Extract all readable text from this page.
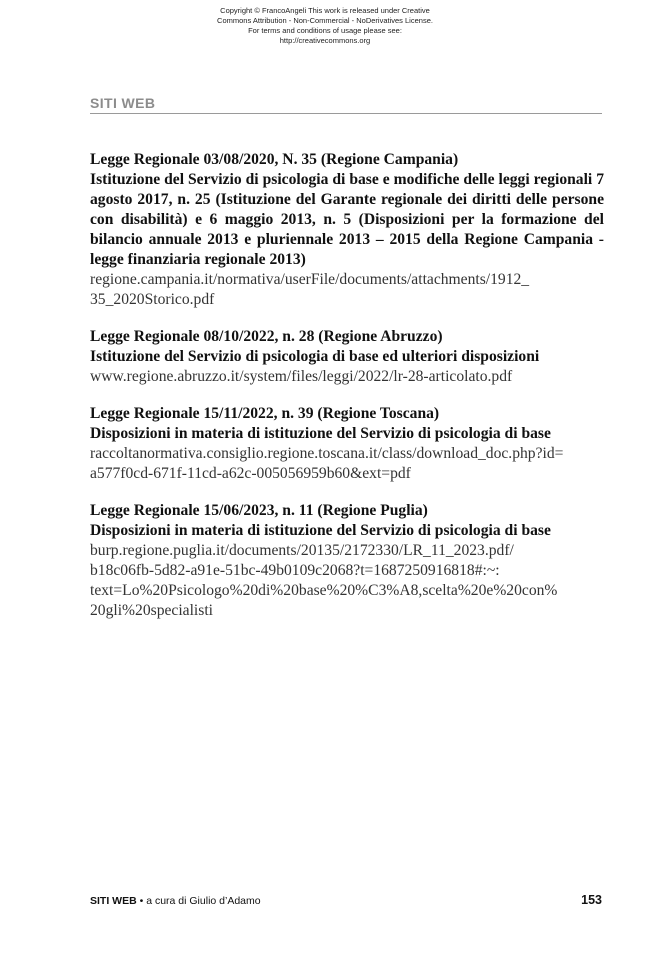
Copyright © FrancoAngeli This work is released under Creative
Commons Attribution - Non-Commercial - NoDerivatives License.
For terms and conditions of usage please see:
http://creativecommons.org
SITI WEB
Legge Regionale 03/08/2020, N. 35 (Regione Campania)
Istituzione del Servizio di psicologia di base e modifiche delle leggi regionali 7 agosto 2017, n. 25 (Istituzione del Garante regionale dei diritti delle persone con disabilità) e 6 maggio 2013, n. 5 (Disposizioni per la formazione del bilancio annuale 2013 e pluriennale 2013 – 2015 della Regione Campania - legge finanziaria regionale 2013)
regione.campania.it/normativa/userFile/documents/attachments/1912_
35_2020Storico.pdf
Legge Regionale 08/10/2022, n. 28 (Regione Abruzzo)
Istituzione del Servizio di psicologia di base ed ulteriori disposizioni
www.regione.abruzzo.it/system/files/leggi/2022/lr-28-articolato.pdf
Legge Regionale 15/11/2022, n. 39 (Regione Toscana)
Disposizioni in materia di istituzione del Servizio di psicologia di base
raccoltanormativa.consiglio.regione.toscana.it/class/download_doc.php?id=
a577f0cd-671f-11cd-a62c-005056959b60&ext=pdf
Legge Regionale 15/06/2023, n. 11 (Regione Puglia)
Disposizioni in materia di istituzione del Servizio di psicologia di base
burp.regione.puglia.it/documents/20135/2172330/LR_11_2023.pdf/
b18c06fb-5d82-a91e-51bc-49b0109c2068?t=1687250916818#:~:
text=Lo%20Psicologo%20di%20base%20%C3%A8,scelta%20e%20con%
20gli%20specialisti
SITI WEB • a cura di Giulio d’Adamo	153
